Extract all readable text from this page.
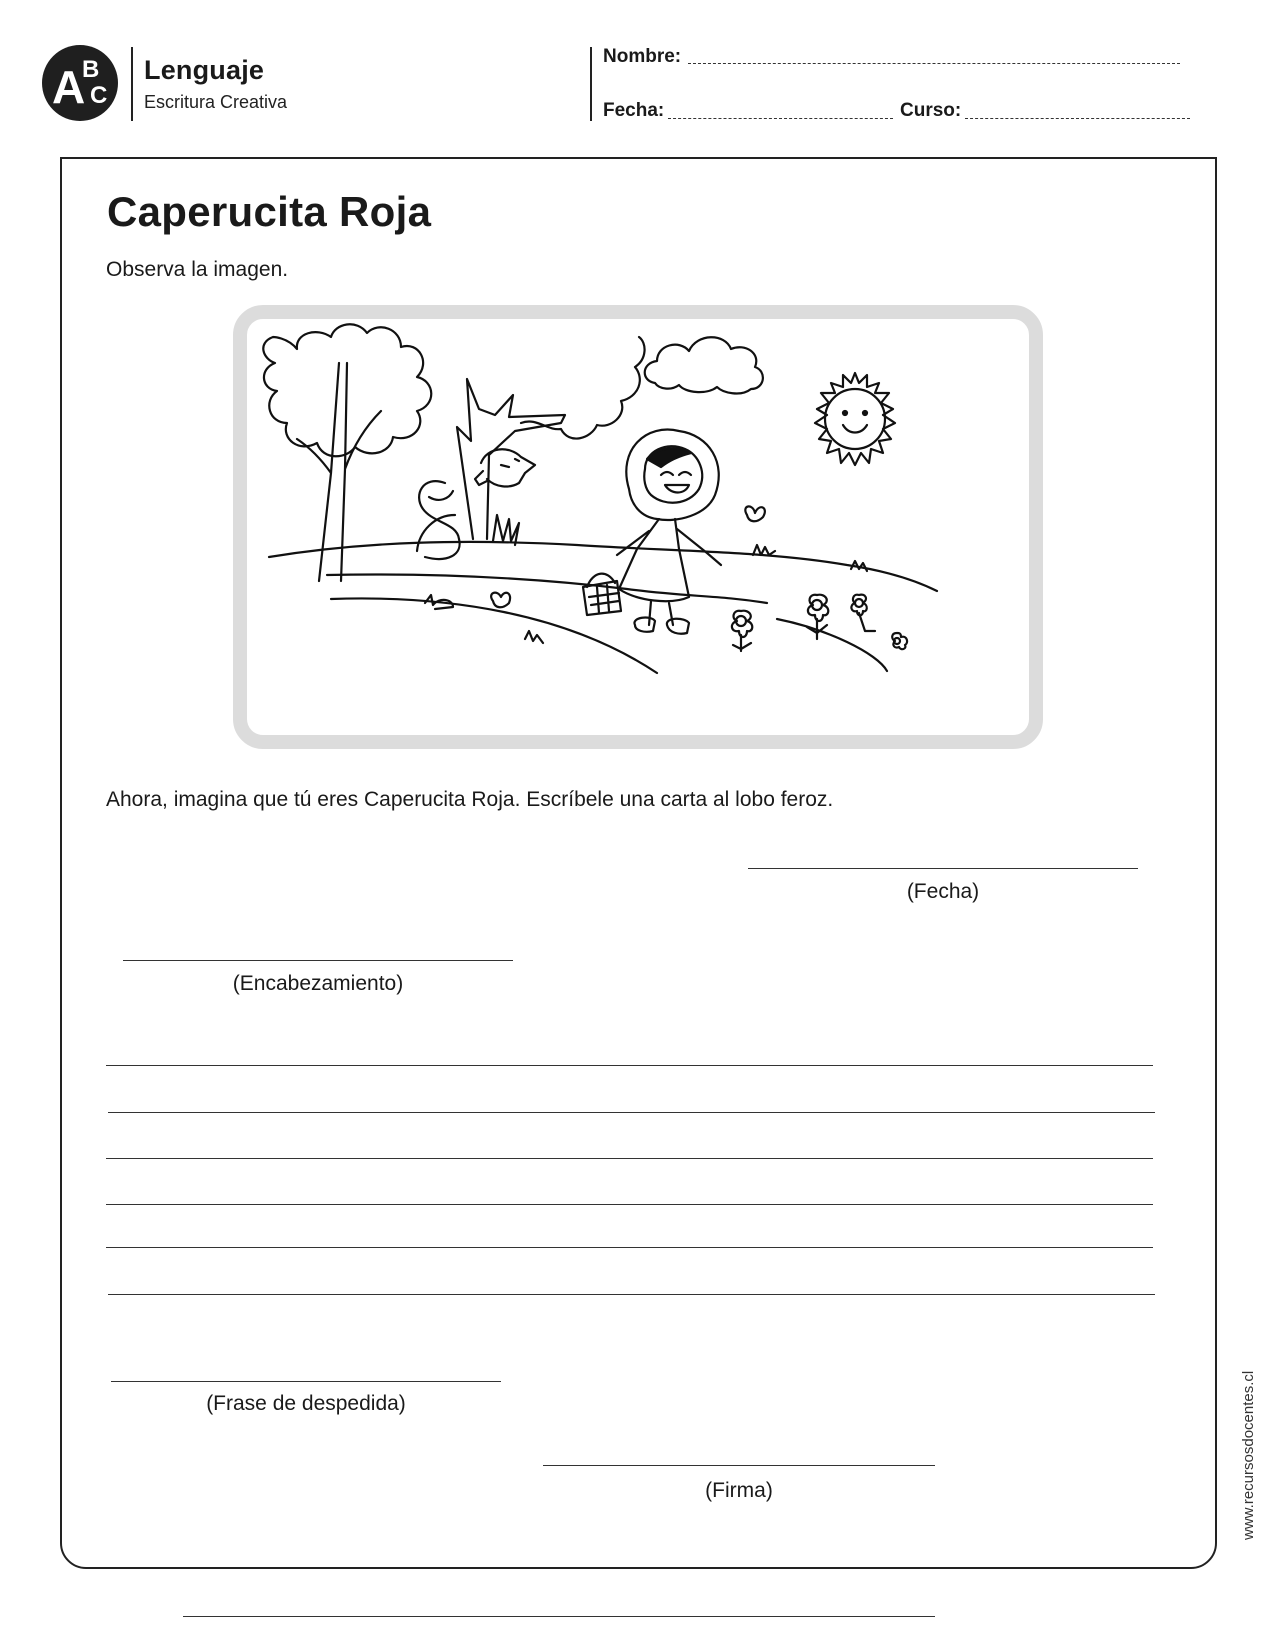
A
B
C
Lenguaje
Escritura Creativa
Nombre:
Fecha:	Curso:
Caperucita Roja
Observa la imagen.
Ahora, imagina que tú eres Caperucita Roja. Escríbele una carta al lobo feroz.
(Fecha)
(Encabezamiento)
(Frase de despedida)
(Firma)	www.recursosdocentes.cl
